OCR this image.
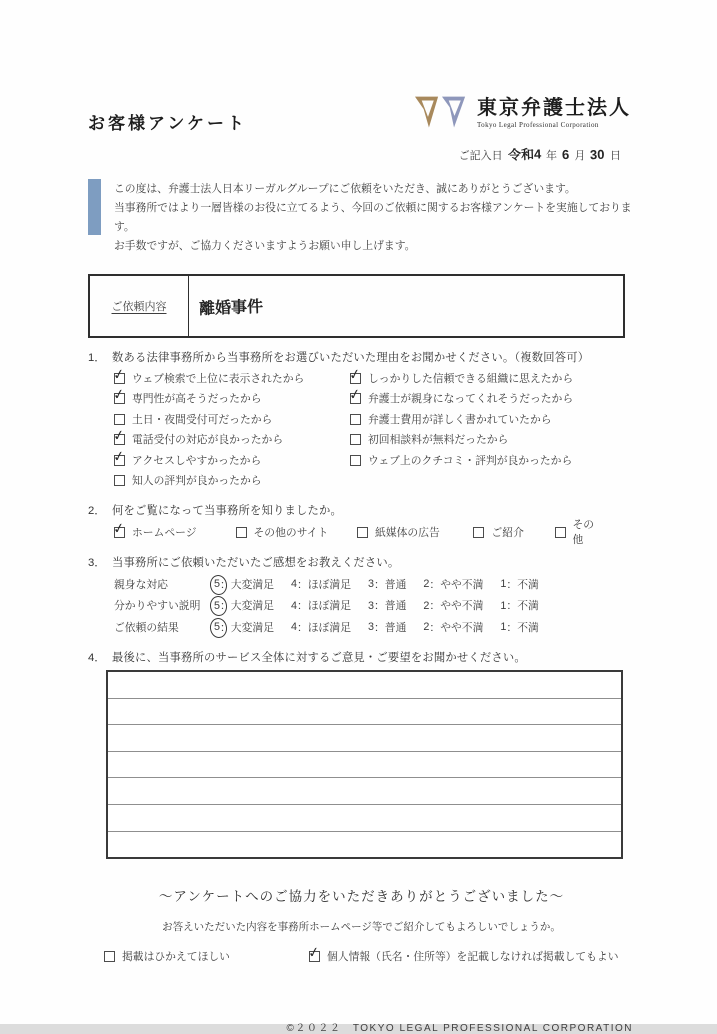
お客様アンケート
東京弁護士法人
Tokyo Legal Professional Corporation
ご記入日 令和4 年 6 月 30 日
この度は、弁護士法人日本リーガルグループにご依頼をいただき、誠にありがとうございます。
当事務所ではより一層皆様のお役に立てるよう、今回のご依頼に関するお客様アンケートを実施しております。
お手数ですが、ご協力くださいますようお願い申し上げます。
ご依頼内容	離婚事件
1． 数ある法律事務所から当事務所をお選びいただいた理由をお聞かせください。（複数回答可）
✓
ウェブ検索で上位に表示されたから
✓
専門性が高そうだったから
土日・夜間受付可だったから
✓
電話受付の対応が良かったから
✓
アクセスしやすかったから
知人の評判が良かったから
✓
しっかりした信頼できる組織に思えたから
✓
弁護士が親身になってくれそうだったから
弁護士費用が詳しく書かれていたから
初回相談料が無料だったから
ウェブ上のクチコミ・評判が良かったから
2． 何をご覧になって当事務所を知りましたか。
✓
ホームページ	その他のサイト	紙媒体の広告	ご紹介
その他
3． 当事務所にご依頼いただいたご感想をお教えください。
親身な対応	5 ：大変満足 4 ：ほぼ満足 3 ：普通 2 ：やや不満 1 ：不満
分かりやすい説明	5 ：大変満足 4 ：ほぼ満足 3 ：普通 2 ：やや不満 1 ：不満
ご依頼の結果	5 ：大変満足 4 ：ほぼ満足 3 ：普通 2 ：やや不満 1 ：不満
4． 最後に、当事務所のサービス全体に対するご意見・ご要望をお聞かせください。
～アンケートへのご協力をいただきありがとうございました～
お答えいただいた内容を事務所ホームページ等でご紹介してもよろしいでしょうか。
掲載はひかえてほしい ✓	個人情報（氏名・住所等）を記載しなければ掲載してもよい
©２０２２　TOKYO LEGAL PROFESSIONAL CORPORATION
